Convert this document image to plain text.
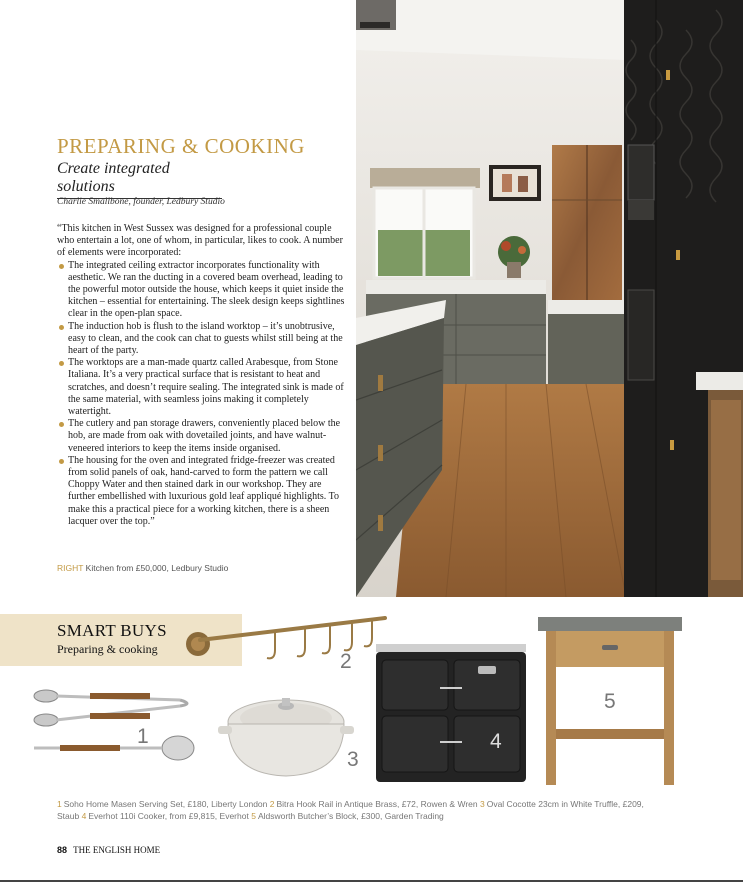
PREPARING & COOKING
Create integrated solutions
Charlie Smallbone, founder, Ledbury Studio

“This kitchen in West Sussex was designed for a professional couple who entertain a lot, one of whom, in particular, likes to cook. A number of elements were incorporated:

The integrated ceiling extractor incorporates functionality with aesthetic. We ran the ducting in a covered beam overhead, leading to the powerful motor outside the house, which keeps it quiet inside the kitchen – essential for entertaining. The sleek design keeps sightlines clear in the open-plan space.
The induction hob is flush to the island worktop – it’s unobtrusive, easy to clean, and the cook can chat to guests whilst still being at the heart of the party.
The worktops are a man-made quartz called Arabesque, from Stone Italiana. It’s a very practical surface that is resistant to heat and scratches, and doesn’t require sealing. The integrated sink is made of the same material, with seamless joins making it completely watertight.
The cutlery and pan storage drawers, conveniently placed below the hob, are made from oak with dovetailed joints, and have walnut-veneered interiors to keep the items inside organised.
The housing for the oven and integrated fridge-freezer was created from solid panels of oak, hand-carved to form the pattern we call Choppy Water and then stained dark in our workshop. They are further embellished with luxurious gold leaf appliqué highlights. To make this a practical piece for a working kitchen, there is a sheen lacquer over the top.”
RIGHT Kitchen from £50,000, Ledbury Studio
SMART BUYS
Preparing & cooking
2
1
3
4
5
1 Soho Home Masen Serving Set, £180, Liberty London 2 Bitra Hook Rail in Antique Brass, £72, Rowen & Wren 3 Oval Cocotte 23cm in White Truffle, £209, Staub 4 Everhot 110i Cooker, from £9,815, Everhot 5 Aldsworth Butcher’s Block, £300, Garden Trading
88 THE ENGLISH HOME
